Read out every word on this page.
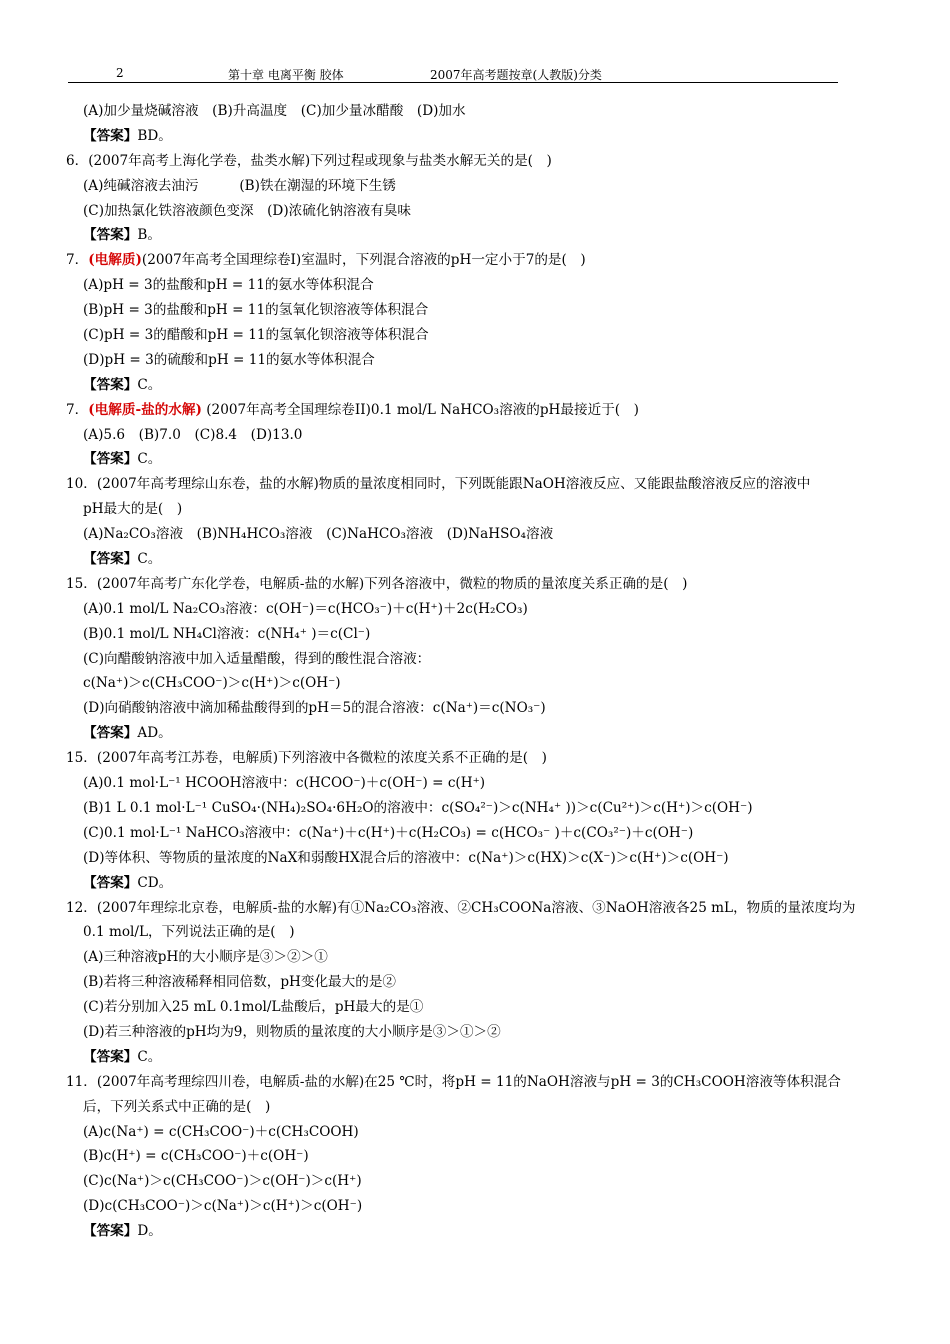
2	第十章 电离平衡 胶体	2007年高考题按章(人教版)分类
(A)加少量烧碱溶液　(B)升高温度　(C)加少量冰醋酸　(D)加水
【答案】BD。
6．(2007年高考上海化学卷，盐类水解)下列过程或现象与盐类水解无关的是(　)
(A)纯碱溶液去油污　　　(B)铁在潮湿的环境下生锈
(C)加热氯化铁溶液颜色变深　(D)浓硫化钠溶液有臭味
【答案】B。
7．(电解质)(2007年高考全国理综卷I)室温时，下列混合溶液的pH一定小于7的是(　)
(A)pH = 3的盐酸和pH = 11的氨水等体积混合
(B)pH = 3的盐酸和pH = 11的氢氧化钡溶液等体积混合
(C)pH = 3的醋酸和pH = 11的氢氧化钡溶液等体积混合
(D)pH = 3的硫酸和pH = 11的氨水等体积混合
【答案】C。
7．(电解质-盐的水解) (2007年高考全国理综卷II)0.1 mol/L NaHCO₃溶液的pH最接近于(　)
(A)5.6　(B)7.0　(C)8.4　(D)13.0
【答案】C。
10．(2007年高考理综山东卷，盐的水解)物质的量浓度相同时，下列既能跟NaOH溶液反应、又能跟盐酸溶液反应的溶液中
pH最大的是(　)
(A)Na₂CO₃溶液　(B)NH₄HCO₃溶液　(C)NaHCO₃溶液　(D)NaHSO₄溶液
【答案】C。
15．(2007年高考广东化学卷，电解质-盐的水解)下列各溶液中，微粒的物质的量浓度关系正确的是(　)
(A)0.1 mol/L Na₂CO₃溶液：c(OH⁻)＝c(HCO₃⁻)＋c(H⁺)＋2c(H₂CO₃)
(B)0.1 mol/L NH₄Cl溶液：c(NH₄⁺ )＝c(Cl⁻)
(C)向醋酸钠溶液中加入适量醋酸，得到的酸性混合溶液：
c(Na⁺)＞c(CH₃COO⁻)＞c(H⁺)＞c(OH⁻)
(D)向硝酸钠溶液中滴加稀盐酸得到的pH＝5的混合溶液：c(Na⁺)＝c(NO₃⁻)
【答案】AD。
15．(2007年高考江苏卷，电解质)下列溶液中各微粒的浓度关系不正确的是(　)
(A)0.1 mol·L⁻¹ HCOOH溶液中：c(HCOO⁻)＋c(OH⁻) = c(H⁺)
(B)1 L 0.1 mol·L⁻¹ CuSO₄·(NH₄)₂SO₄·6H₂O的溶液中：c(SO₄²⁻)＞c(NH₄⁺ ))＞c(Cu²⁺)＞c(H⁺)＞c(OH⁻)
(C)0.1 mol·L⁻¹ NaHCO₃溶液中：c(Na⁺)＋c(H⁺)＋c(H₂CO₃) = c(HCO₃⁻ )＋c(CO₃²⁻)＋c(OH⁻)
(D)等体积、等物质的量浓度的NaX和弱酸HX混合后的溶液中：c(Na⁺)＞c(HX)＞c(X⁻)＞c(H⁺)＞c(OH⁻)
【答案】CD。
12．(2007年理综北京卷，电解质-盐的水解)有①Na₂CO₃溶液、②CH₃COONa溶液、③NaOH溶液各25 mL，物质的量浓度均为
0.1 mol/L，下列说法正确的是(　)
(A)三种溶液pH的大小顺序是③＞②＞①
(B)若将三种溶液稀释相同倍数，pH变化最大的是②
(C)若分别加入25 mL 0.1mol/L盐酸后，pH最大的是①
(D)若三种溶液的pH均为9，则物质的量浓度的大小顺序是③＞①＞②
【答案】C。
11．(2007年高考理综四川卷，电解质-盐的水解)在25 ℃时，将pH = 11的NaOH溶液与pH = 3的CH₃COOH溶液等体积混合
后，下列关系式中正确的是(　)
(A)c(Na⁺) = c(CH₃COO⁻)＋c(CH₃COOH)
(B)c(H⁺) = c(CH₃COO⁻)＋c(OH⁻)
(C)c(Na⁺)＞c(CH₃COO⁻)＞c(OH⁻)＞c(H⁺)
(D)c(CH₃COO⁻)＞c(Na⁺)＞c(H⁺)＞c(OH⁻)
【答案】D。
